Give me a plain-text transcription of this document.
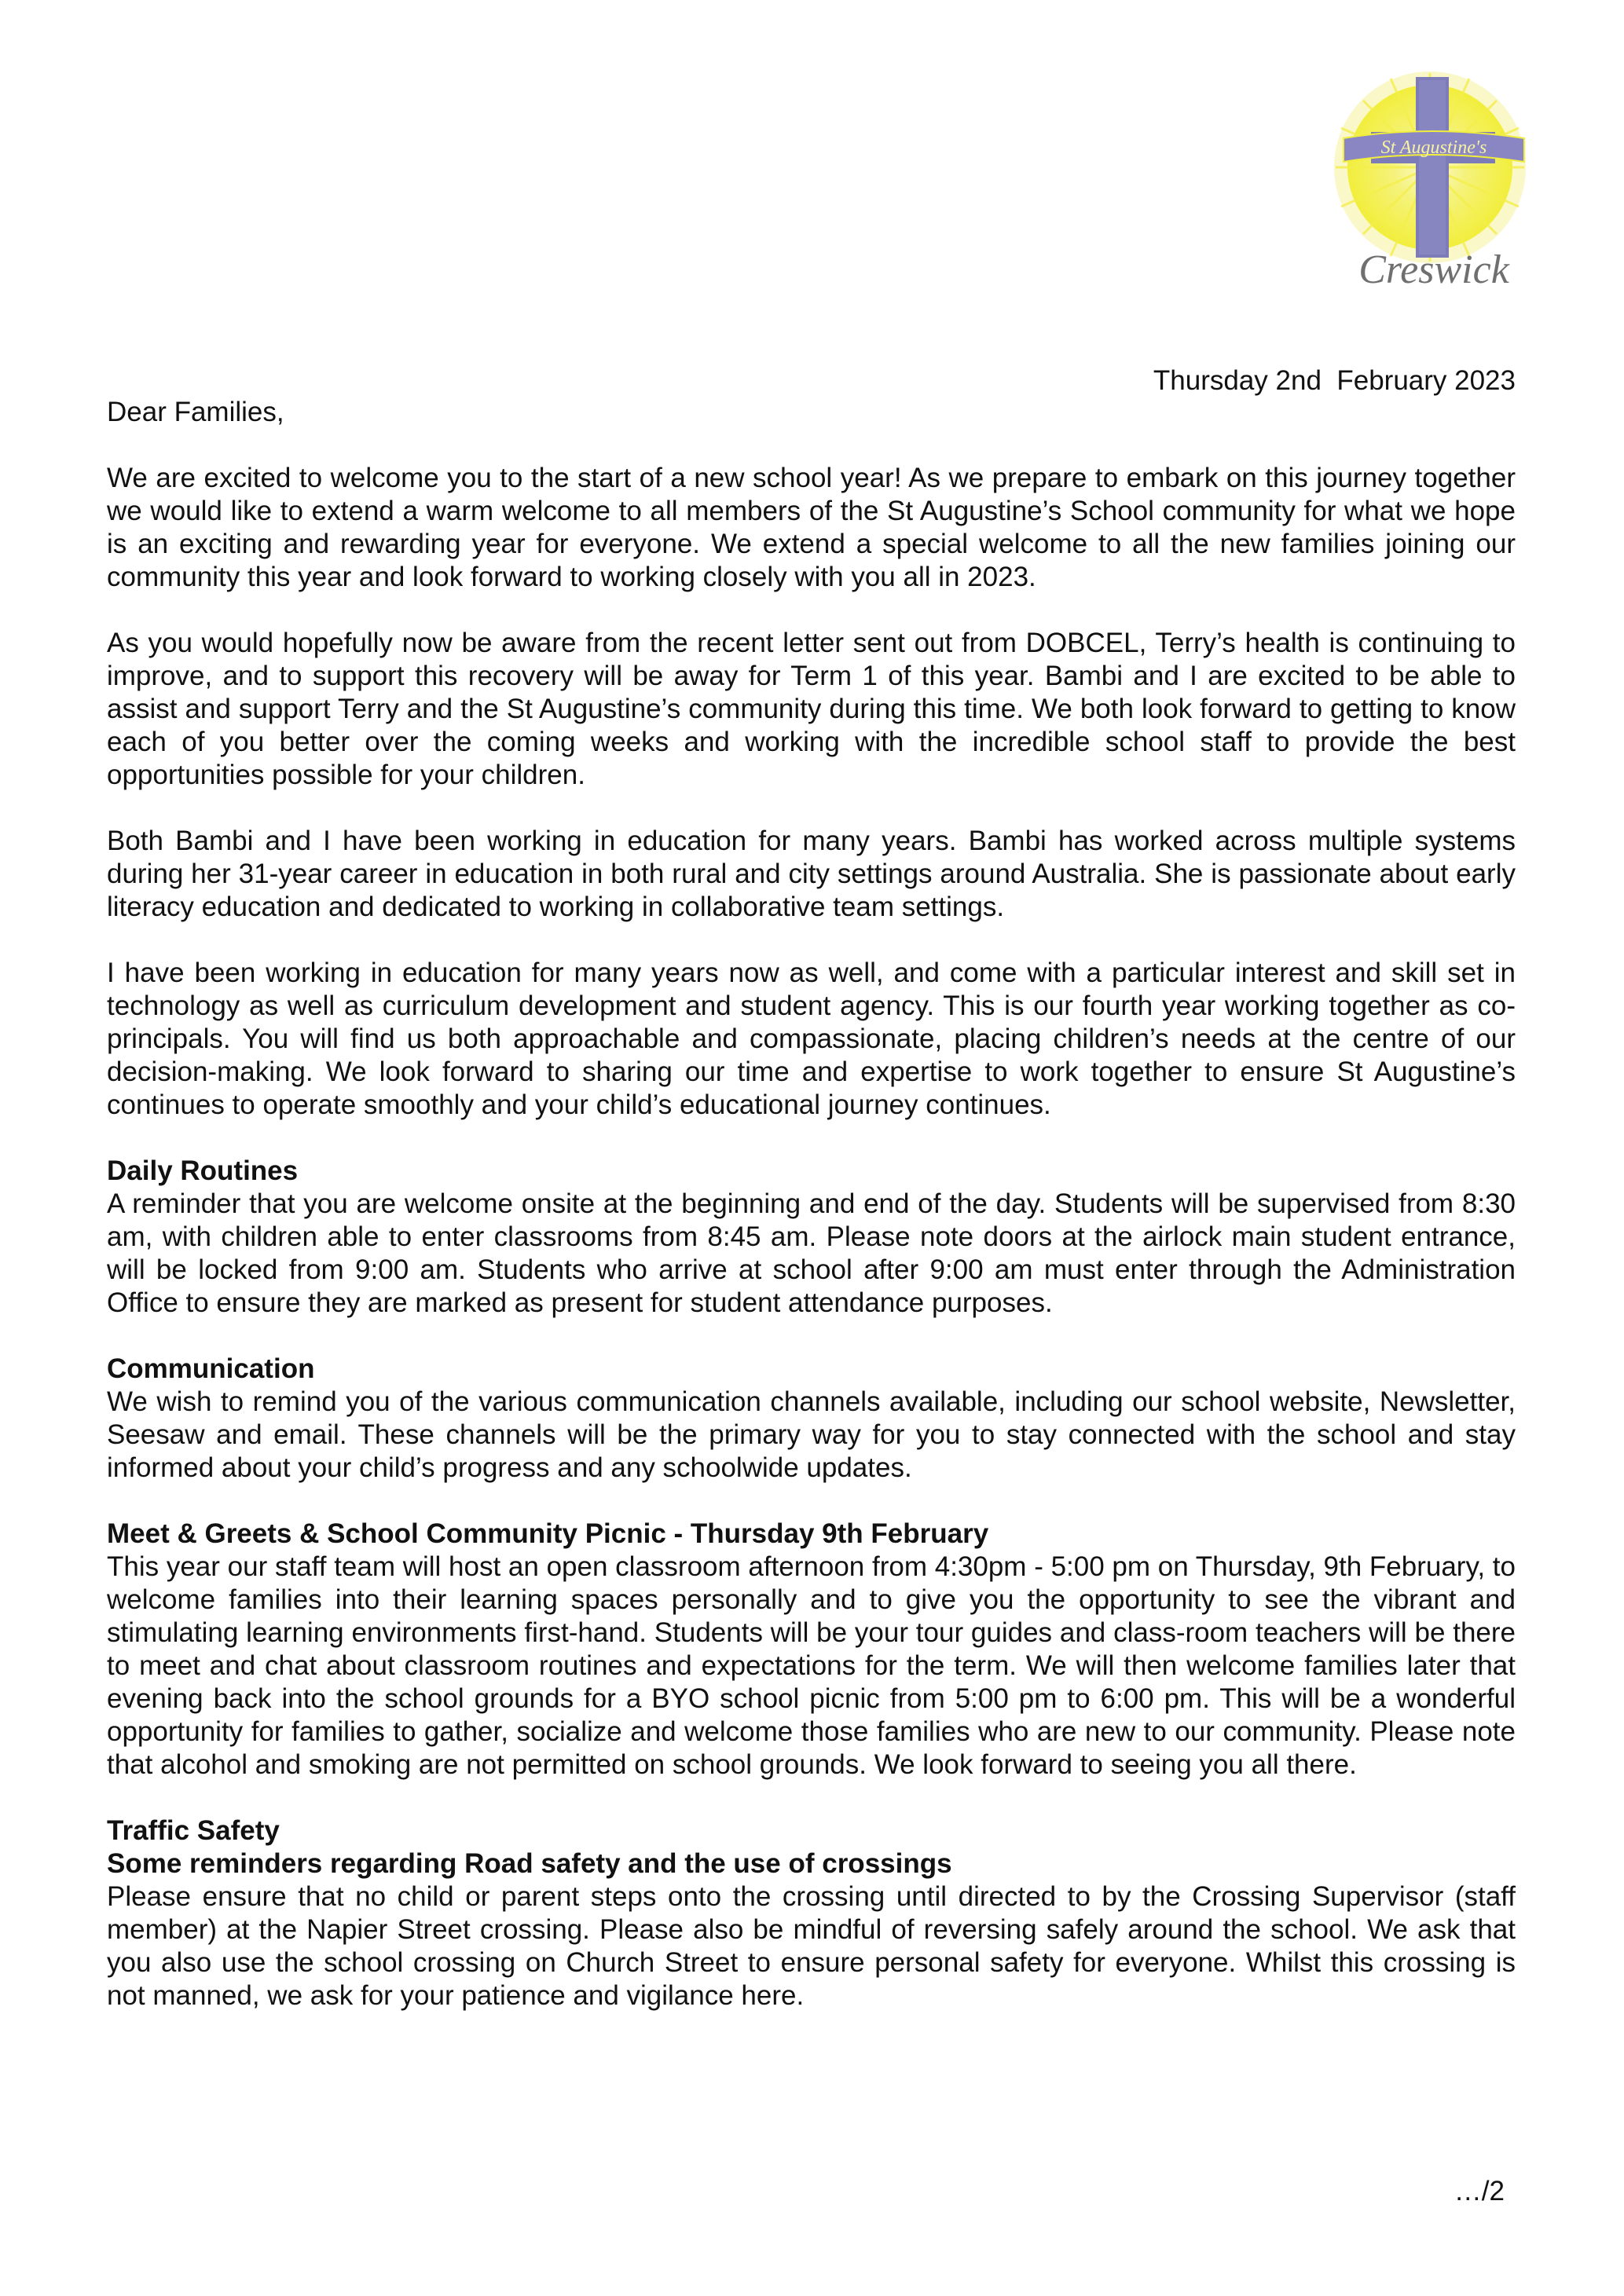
St Augustine's
Creswick
Thursday 2nd  February 2023

Dear Families,

We are excited to welcome you to the start of a new school year! As we prepare to embark on this journey together we would like to extend a warm welcome to all members of the St Augustine’s School community for what we hope is an exciting and rewarding year for everyone. We extend a special welcome to all the new families joining our community this year and look forward to working closely with you all in 2023.

As you would hopefully now be aware from the recent letter sent out from DOBCEL, Terry’s health is continuing to improve, and to support this recovery will be away for Term 1 of this year. Bambi and I are excited to be able to assist and support Terry and the St Augustine’s community during this time. We both look forward to getting to know each of you better over the coming weeks and working with the incredible school staff to provide the best opportunities possible for your children.

Both Bambi and I have been working in education for many years. Bambi has worked across multiple systems during her 31-year career in education in both rural and city settings around Australia. She is passionate about early literacy education and dedicated to working in collaborative team settings.

I have been working in education for many years now as well, and come with a particular interest and skill set in technology as well as curriculum development and student agency. This is our fourth year working together as co-principals. You will find us both approachable and compassionate, placing children’s needs at the centre of our decision-making. We look forward to sharing our time and expertise to work together to ensure St Augustine’s continues to operate smoothly and your child’s educational journey continues.

Daily Routines

A reminder that you are welcome onsite at the beginning and end of the day. Students will be supervised from 8:30 am, with children able to enter classrooms from 8:45 am. Please note doors at the airlock main student entrance, will be locked from 9:00 am. Students who arrive at school after 9:00 am must enter through the Administration Office to ensure they are marked as present for student attendance purposes.

Communication

We wish to remind you of the various communication channels available, including our school website, Newsletter, Seesaw and email. These channels will be the primary way for you to stay connected with the school and stay informed about your child’s progress and any schoolwide updates.

Meet & Greets & School Community Picnic - Thursday 9th February

This year our staff team will host an open classroom afternoon from 4:30pm - 5:00 pm on Thursday, 9th February, to welcome families into their learning spaces personally and to give you the opportunity to see the vibrant and stimulating learning environments first-hand. Students will be your tour guides and class-room teachers will be there to meet and chat about classroom routines and expectations for the term. We will then welcome families later that evening back into the school grounds for a BYO school picnic from 5:00 pm to 6:00 pm. This will be a wonderful opportunity for families to gather, socialize and welcome those families who are new to our community. Please note that alcohol and smoking are not permitted on school grounds. We look forward to seeing you all there.

Traffic Safety

Some reminders regarding Road safety and the use of crossings

Please ensure that no child or parent steps onto the crossing until directed to by the Crossing Supervisor (staff member) at the Napier Street crossing. Please also be mindful of reversing safely around the school. We ask that you also use the school crossing on Church Street to ensure personal safety for everyone. Whilst this crossing is not manned, we ask for your patience and vigilance here.

…/2
